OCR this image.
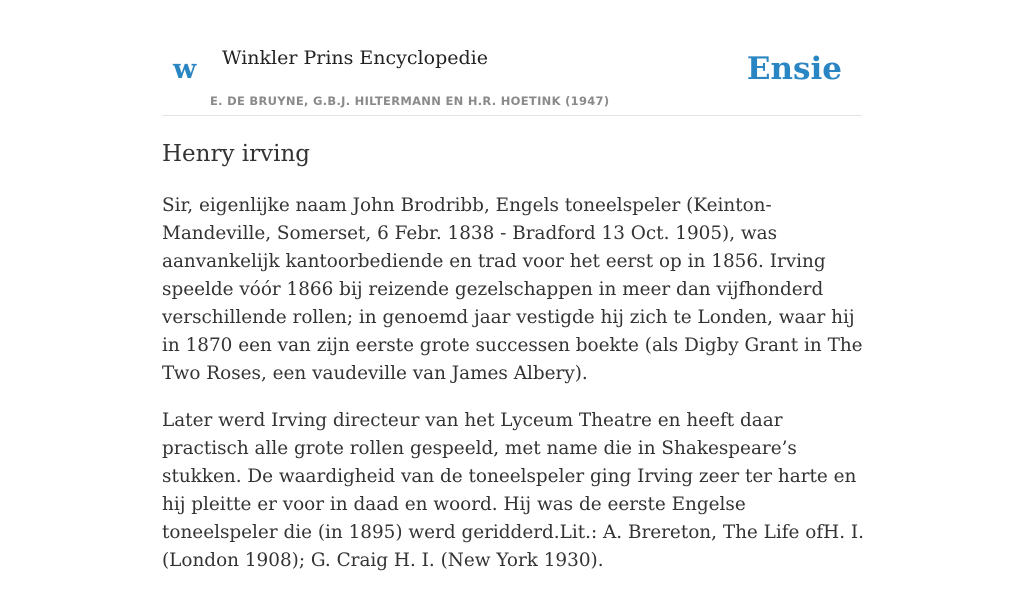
w Winkler Prins Encyclopedie
E. DE BRUYNE, G.B.J. HILTERMANN EN H.R. HOETINK (1947)
Ensie
Henry irving

Sir, eigenlijke naam John Brodribb, Engels toneelspeler (Keinton-Mandeville, Somerset, 6 Febr. 1838 - Bradford 13 Oct. 1905), was aanvankelijk kantoorbediende en trad voor het eerst op in 1856. Irving speelde vóór 1866 bij reizende gezelschappen in meer dan vijfhonderd verschillende rollen; in genoemd jaar vestigde hij zich te Londen, waar hij in 1870 een van zijn eerste grote successen boekte (als Digby Grant in The Two Roses, een vaudeville van James Albery).

Later werd Irving directeur van het Lyceum Theatre en heeft daar practisch alle grote rollen gespeeld, met name die in Shakespeare’s stukken. De waardigheid van de toneelspeler ging Irving zeer ter harte en hij pleitte er voor in daad en woord. Hij was de eerste Engelse toneelspeler die (in 1895) werd geridderd.Lit.: A. Brereton, The Life ofH. I. (London 1908); G. Craig H. I. (New York 1930).
